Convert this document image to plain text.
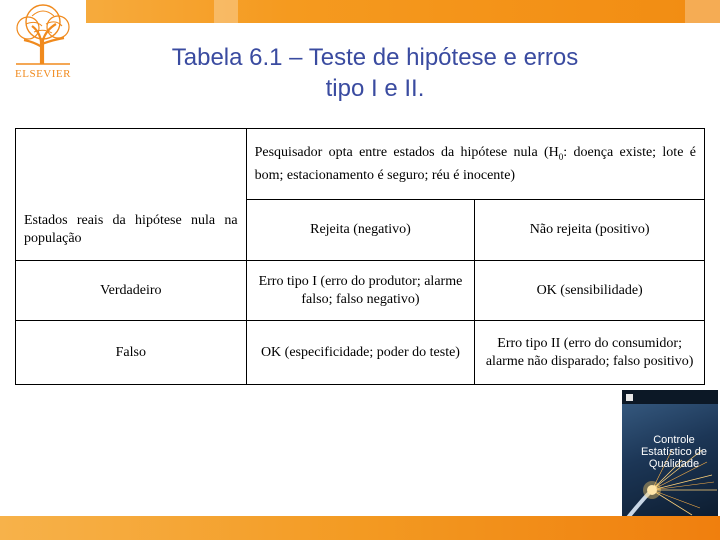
ELSEVIER
Tabela 6.1 – Teste de hipótese e erros
tipo I e II.
	Pesquisador opta entre estados da hipótese nula ($H_0$: doença existe; lote é bom; estacionamento é seguro; réu é inocente)	
Estados reais da hipótese nula na população	Rejeita (negativo)	Não rejeita (positivo)
Verdadeiro	Erro tipo I (erro do produtor; alarme falso; falso negativo)	OK (sensibilidade)
Falso	OK (especificidade; poder do teste)	Erro tipo II (erro do consumidor; alarme não disparado; falso positivo)
Controle
Estatístico de
Qualidade
